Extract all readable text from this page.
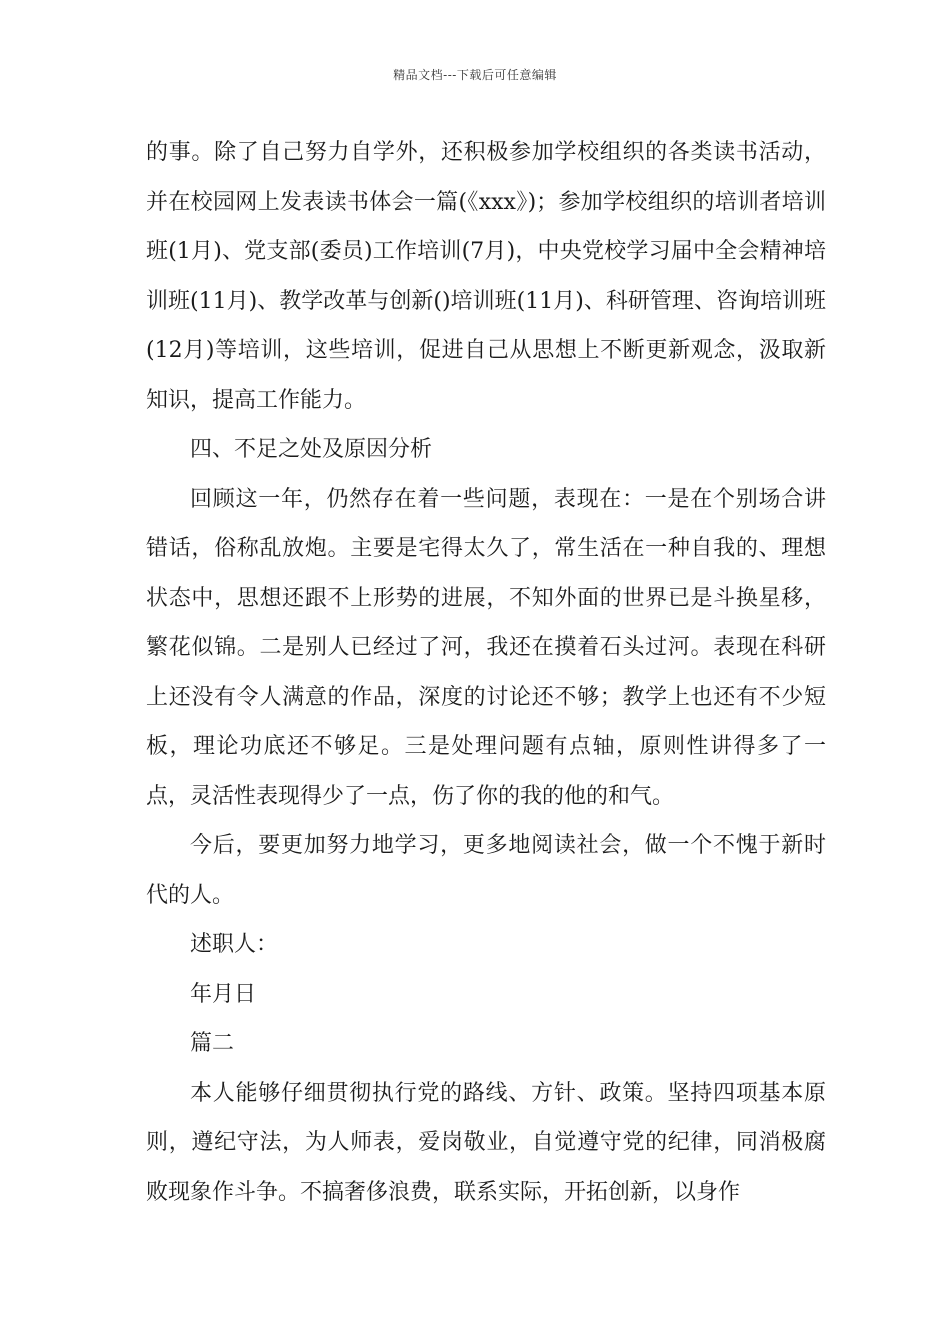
精品文档---下载后可任意编辑

的事。除了自己努力自学外，还积极参加学校组织的各类读书活动，并在校园网上发表读书体会一篇(《xxx》)；参加学校组织的培训者培训班(1月)、党支部(委员)工作培训(7月)，中央党校学习届中全会精神培训班(11月)、教学改革与创新()培训班(11月)、科研管理、咨询培训班(12月)等培训，这些培训，促进自己从思想上不断更新观念，汲取新知识，提高工作能力。

四、不足之处及原因分析

回顾这一年，仍然存在着一些问题，表现在：一是在个别场合讲错话，俗称乱放炮。主要是宅得太久了，常生活在一种自我的、理想状态中，思想还跟不上形势的进展，不知外面的世界已是斗换星移，繁花似锦。二是别人已经过了河，我还在摸着石头过河。表现在科研上还没有令人满意的作品，深度的讨论还不够；教学上也还有不少短板，理论功底还不够足。三是处理问题有点轴，原则性讲得多了一点，灵活性表现得少了一点，伤了你的我的他的和气。

今后，要更加努力地学习，更多地阅读社会，做一个不愧于新时代的人。

述职人：

年月日

篇二

本人能够仔细贯彻执行党的路线、方针、政策。坚持四项基本原则，遵纪守法，为人师表，爱岗敬业，自觉遵守党的纪律，同消极腐败现象作斗争。不搞奢侈浪费，联系实际，开拓创新，以身作
